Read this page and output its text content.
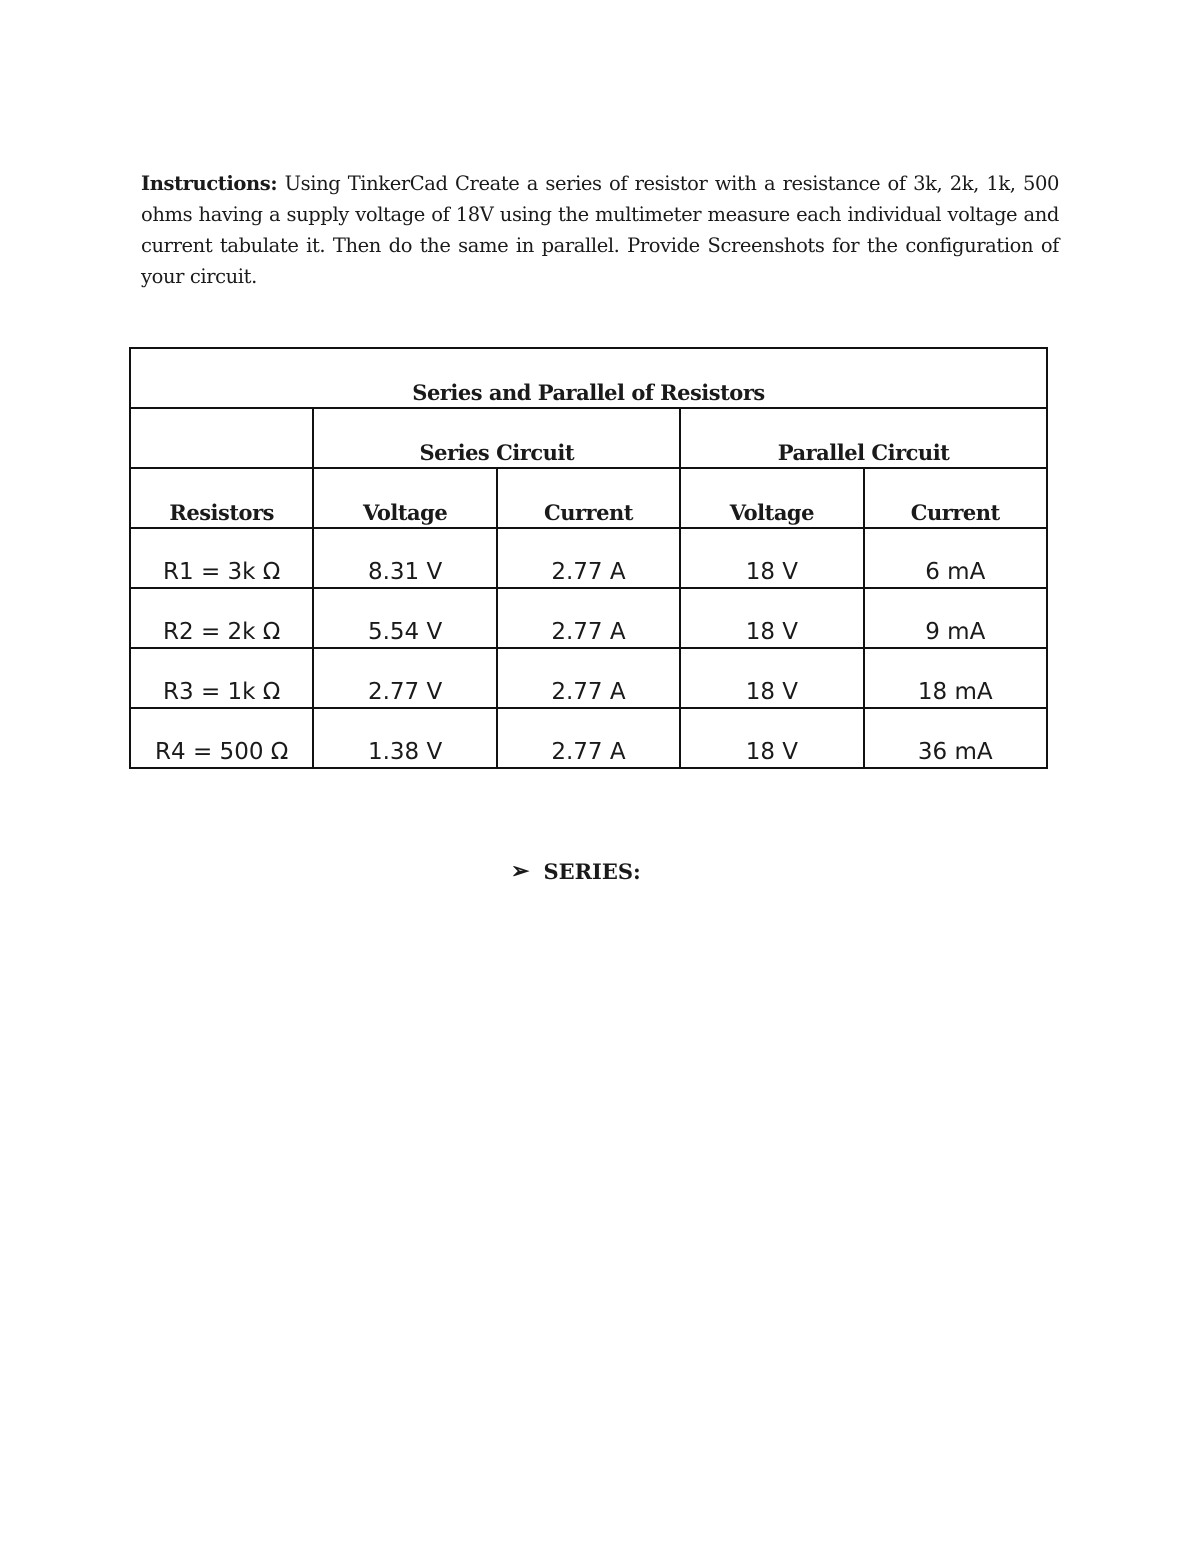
Instructions: Using TinkerCad Create a series of resistor with a resistance of 3k, 2k, 1k, 500 ohms having a supply voltage of 18V using the multimeter measure each individual voltage and current tabulate it. Then do the same in parallel. Provide Screenshots for the configuration of your circuit.
Series and Parallel of Resistors				
	Series Circuit		Parallel Circuit	
Resistors	Voltage	Current	Voltage	Current
R1 = 3k Ω	8.31 V	2.77 A	18 V	6 mA
R2 = 2k Ω	5.54 V	2.77 A	18 V	9 mA
R3 = 1k Ω	2.77 V	2.77 A	18 V	18 mA
R4 = 500 Ω	1.38 V	2.77 A	18 V	36 mA
➢ SERIES:
